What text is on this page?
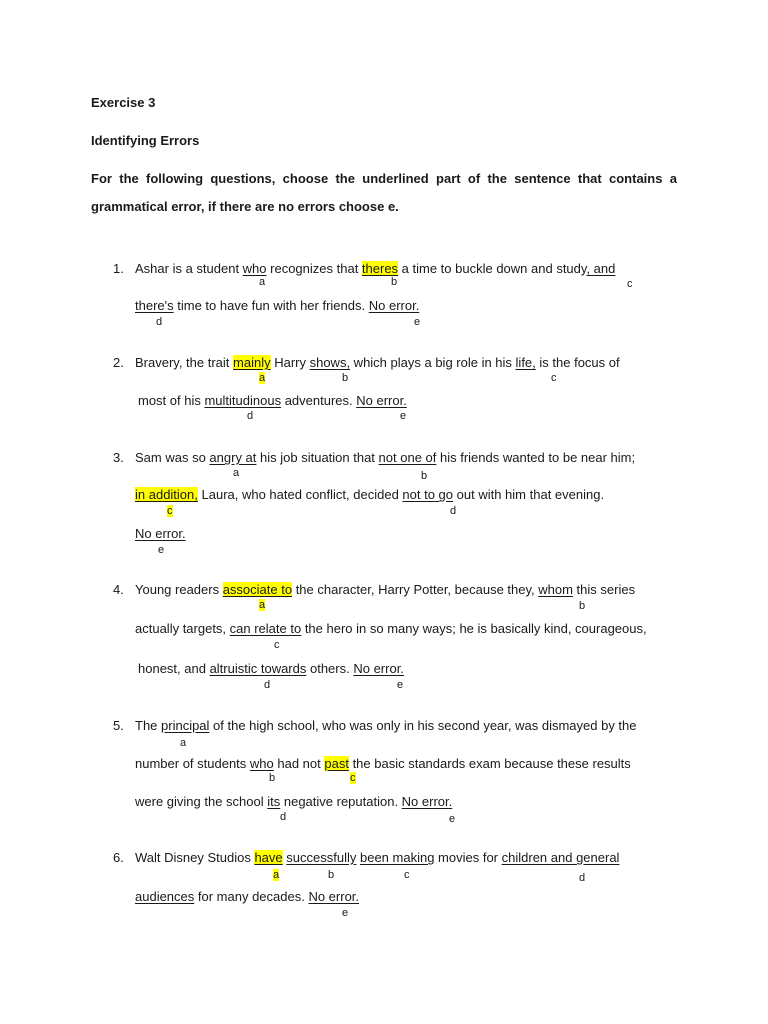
Exercise 3
Identifying Errors
For the following questions, choose the underlined part of the sentence that contains a
grammatical error, if there are no errors choose e.
1. Ashar is a student who recognizes that theres a time to buckle down and study, and
a	b	c
there's time to have fun with her friends. No error.
d	e
2. Bravery, the trait mainly Harry shows, which plays a big role in his life, is the focus of
a	b	c
most of his multitudinous adventures. No error.
d	e
3. Sam was so angry at his job situation that not one of his friends wanted to be near him;
a	b
in addition, Laura, who hated conflict, decided not to go out with him that evening.
c	d
No error.
e
4. Young readers associate to the character, Harry Potter, because they, whom this series
a	b
actually targets, can relate to the hero in so many ways; he is basically kind, courageous,
c
honest, and altruistic towards others. No error.
d	e
5. The principal of the high school, who was only in his second year, was dismayed by the
a
number of students who had not past the basic standards exam because these results
b	c
were giving the school its negative reputation. No error.
d	e
6. Walt Disney Studios have successfully been making movies for children and general
a	b	c	d
audiences for many decades. No error.
e
